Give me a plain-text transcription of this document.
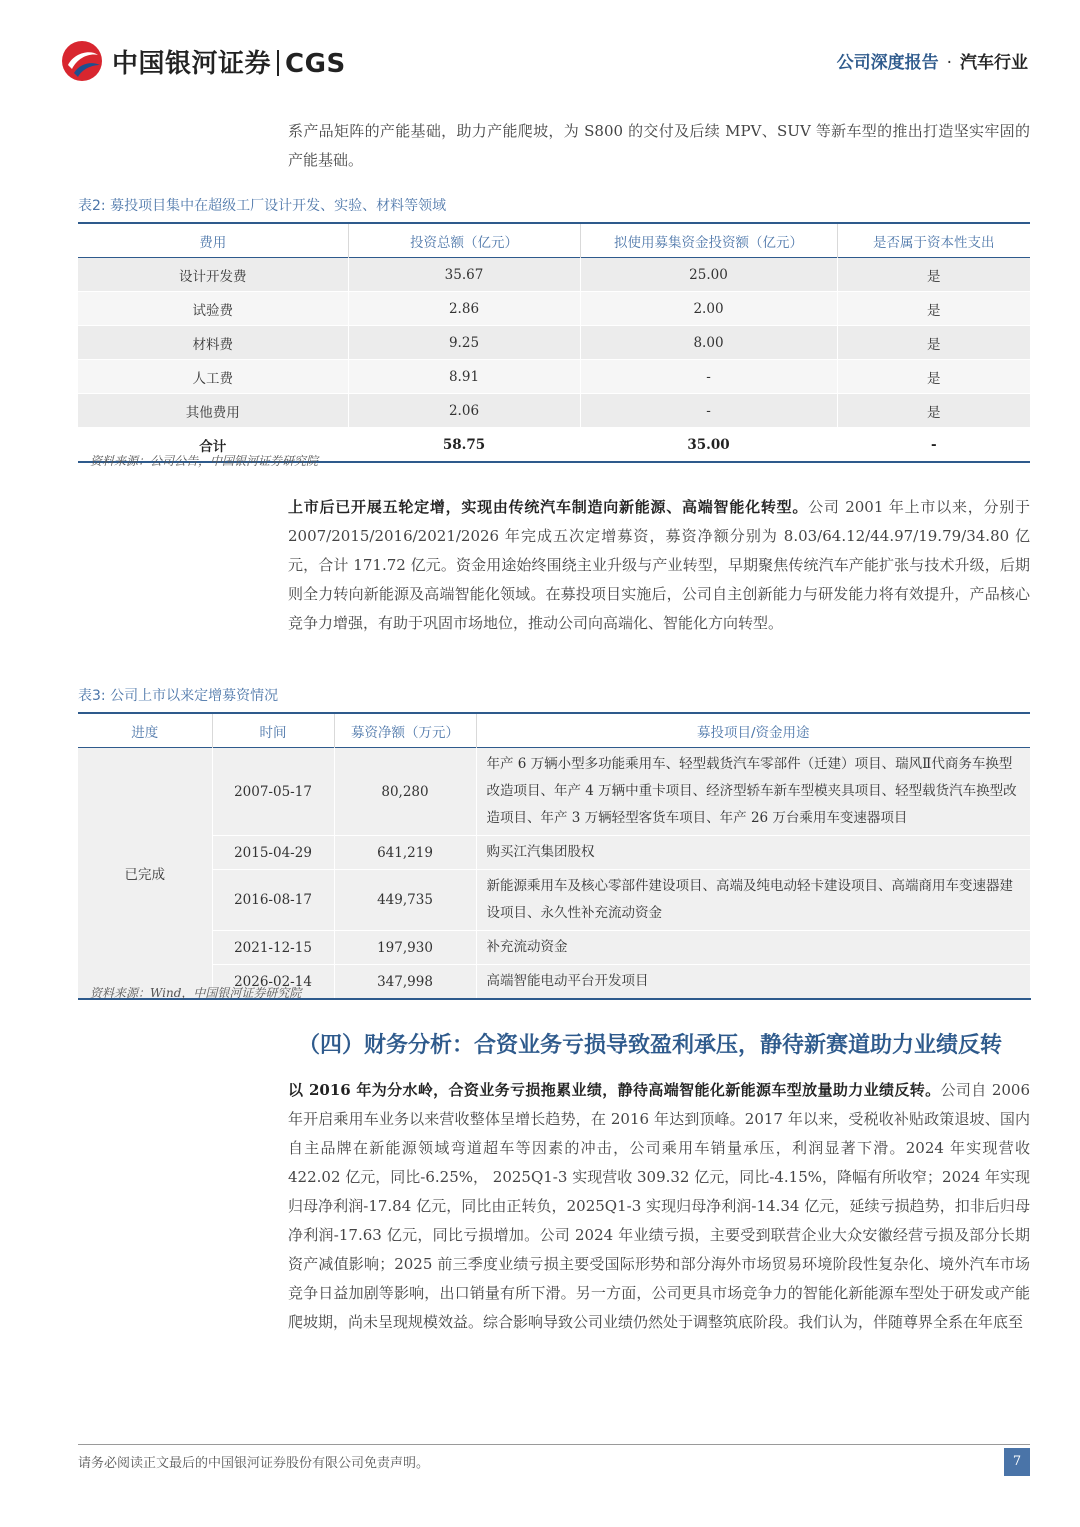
中国银河证券 CGS	公司深度报告 · 汽车行业

系产品矩阵的产能基础，助力产能爬坡，为 S800 的交付及后续 MPV、SUV 等新车型的推出打造坚实牢固的产能基础。

表2: 募投项目集中在超级工厂设计开发、实验、材料等领域
费用	投资总额（亿元）	拟使用募集资金投资额（亿元）	是否属于资本性支出
设计开发费	35.67	25.00	是
试验费	2.86	2.00	是
材料费	9.25	8.00	是
人工费	8.91	-	是
其他费用	2.06	-	是
合计	58.75	35.00	-
资料来源：公司公告，中国银河证券研究院

上市后已开展五轮定增，实现由传统汽车制造向新能源、高端智能化转型。公司 2001 年上市以来，分别于 2007/2015/2016/2021/2026 年完成五次定增募资，募资净额分别为 8.03/64.12/44.97/19.79/34.80 亿元，合计 171.72 亿元。资金用途始终围绕主业升级与产业转型，早期聚焦传统汽车产能扩张与技术升级，后期则全力转向新能源及高端智能化领域。在募投项目实施后，公司自主创新能力与研发能力将有效提升，产品核心竞争力增强，有助于巩固市场地位，推动公司向高端化、智能化方向转型。

表3: 公司上市以来定增募资情况
进度	时间	募资净额（万元）	募投项目/资金用途
已完成	2007-05-17	80,280	年产 6 万辆小型多功能乘用车、轻型载货汽车零部件（迁建）项目、瑞风Ⅱ代商务车换型改造项目、年产 4 万辆中重卡项目、经济型轿车新车型模夹具项目、轻型载货汽车换型改造项目、年产 3 万辆轻型客货车项目、年产 26 万台乘用车变速器项目
	2015-04-29	641,219	购买江汽集团股权
	2016-08-17	449,735	新能源乘用车及核心零部件建设项目、高端及纯电动轻卡建设项目、高端商用车变速器建设项目、永久性补充流动资金
	2021-12-15	197,930	补充流动资金
	2026-02-14	347,998	高端智能电动平台开发项目
资料来源：Wind，中国银河证券研究院
（四）财务分析：合资业务亏损导致盈利承压，静待新赛道助力业绩反转

以 2016 年为分水岭，合资业务亏损拖累业绩，静待高端智能化新能源车型放量助力业绩反转。公司自 2006 年开启乘用车业务以来营收整体呈增长趋势，在 2016 年达到顶峰。2017 年以来，受税收补贴政策退坡、国内自主品牌在新能源领域弯道超车等因素的冲击，公司乘用车销量承压，利润显著下滑。2024 年实现营收 422.02 亿元，同比-6.25%， 2025Q1-3 实现营收 309.32 亿元，同比-4.15%，降幅有所收窄；2024 年实现归母净利润-17.84 亿元，同比由正转负，2025Q1-3 实现归母净利润-14.34 亿元，延续亏损趋势，扣非后归母净利润-17.63 亿元，同比亏损增加。公司 2024 年业绩亏损，主要受到联营企业大众安徽经营亏损及部分长期资产减值影响；2025 前三季度业绩亏损主要受国际形势和部分海外市场贸易环境阶段性复杂化、境外汽车市场竞争日益加剧等影响，出口销量有所下滑。另一方面，公司更具市场竞争力的智能化新能源车型处于研发或产能爬坡期，尚未呈现规模效益。综合影响导致公司业绩仍然处于调整筑底阶段。我们认为，伴随尊界全系在年底至

请务必阅读正文最后的中国银河证券股份有限公司免责声明。	7
